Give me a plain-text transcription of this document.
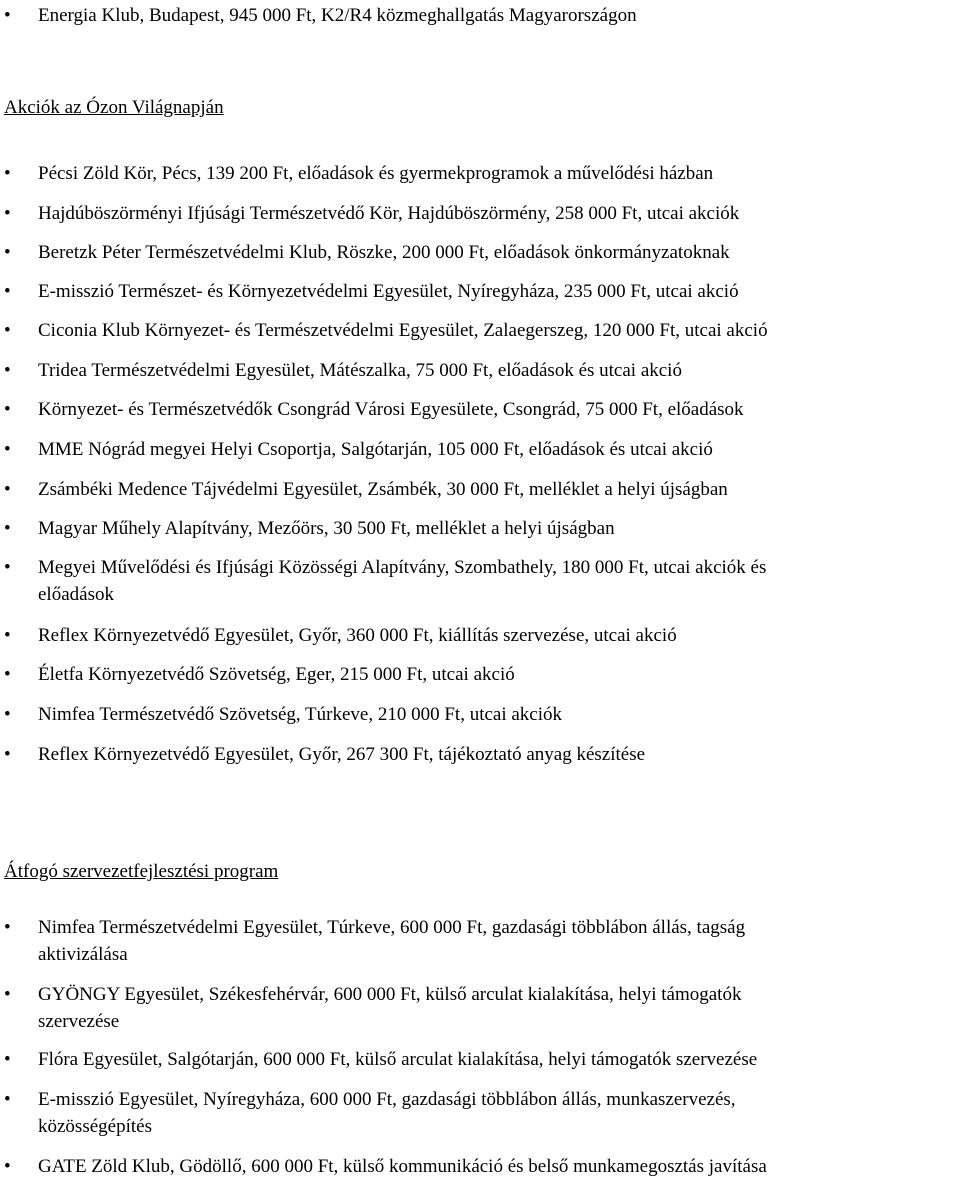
•	Energia Klub, Budapest, 945 000 Ft, K2/R4 közmeghallgatás Magyarországon
Akciók az Ózon Világnapján
•	Pécsi Zöld Kör, Pécs, 139 200 Ft, előadások és gyermekprogramok a művelődési házban
•	Hajdúböszörményi Ifjúsági Természetvédő Kör, Hajdúböszörmény, 258 000 Ft, utcai akciók
•	Beretzk Péter Természetvédelmi Klub, Röszke, 200 000 Ft, előadások önkormányzatoknak
•	E-misszió Természet- és Környezetvédelmi Egyesület, Nyíregyháza, 235 000 Ft, utcai akció
•	Ciconia Klub Környezet- és Természetvédelmi Egyesület, Zalaegerszeg, 120 000 Ft, utcai akció
•	Tridea Természetvédelmi Egyesület, Mátészalka, 75 000 Ft, előadások és utcai akció
•	Környezet- és Természetvédők Csongrád Városi Egyesülete, Csongrád, 75 000 Ft, előadások
•	MME Nógrád megyei Helyi Csoportja, Salgótarján, 105 000 Ft, előadások és utcai akció
•	Zsámbéki Medence Tájvédelmi Egyesület, Zsámbék, 30 000 Ft, melléklet a helyi újságban
•	Magyar Műhely Alapítvány, Mezőörs, 30 500 Ft, melléklet a helyi újságban
•	Megyei Művelődési és Ifjúsági Közösségi Alapítvány, Szombathely, 180 000 Ft, utcai akciók és
előadások
•	Reflex Környezetvédő Egyesület, Győr, 360 000 Ft, kiállítás szervezése, utcai akció
•	Életfa Környezetvédő Szövetség, Eger, 215 000 Ft, utcai akció
•	Nimfea Természetvédő Szövetség, Túrkeve, 210 000 Ft, utcai akciók
•	Reflex Környezetvédő Egyesület, Győr, 267 300 Ft, tájékoztató anyag készítése
Átfogó szervezetfejlesztési program
•	Nimfea Természetvédelmi Egyesület, Túrkeve, 600 000 Ft, gazdasági többlábon állás, tagság
aktivizálása
•	GYÖNGY Egyesület, Székesfehérvár, 600 000 Ft, külső arculat kialakítása, helyi támogatók
szervezése
•	Flóra Egyesület, Salgótarján, 600 000 Ft, külső arculat kialakítása, helyi támogatók szervezése
•	E-misszió Egyesület, Nyíregyháza, 600 000 Ft, gazdasági többlábon állás, munkaszervezés,
közösségépítés
•	GATE Zöld Klub, Gödöllő, 600 000 Ft, külső kommunikáció és belső munkamegosztás javítása
